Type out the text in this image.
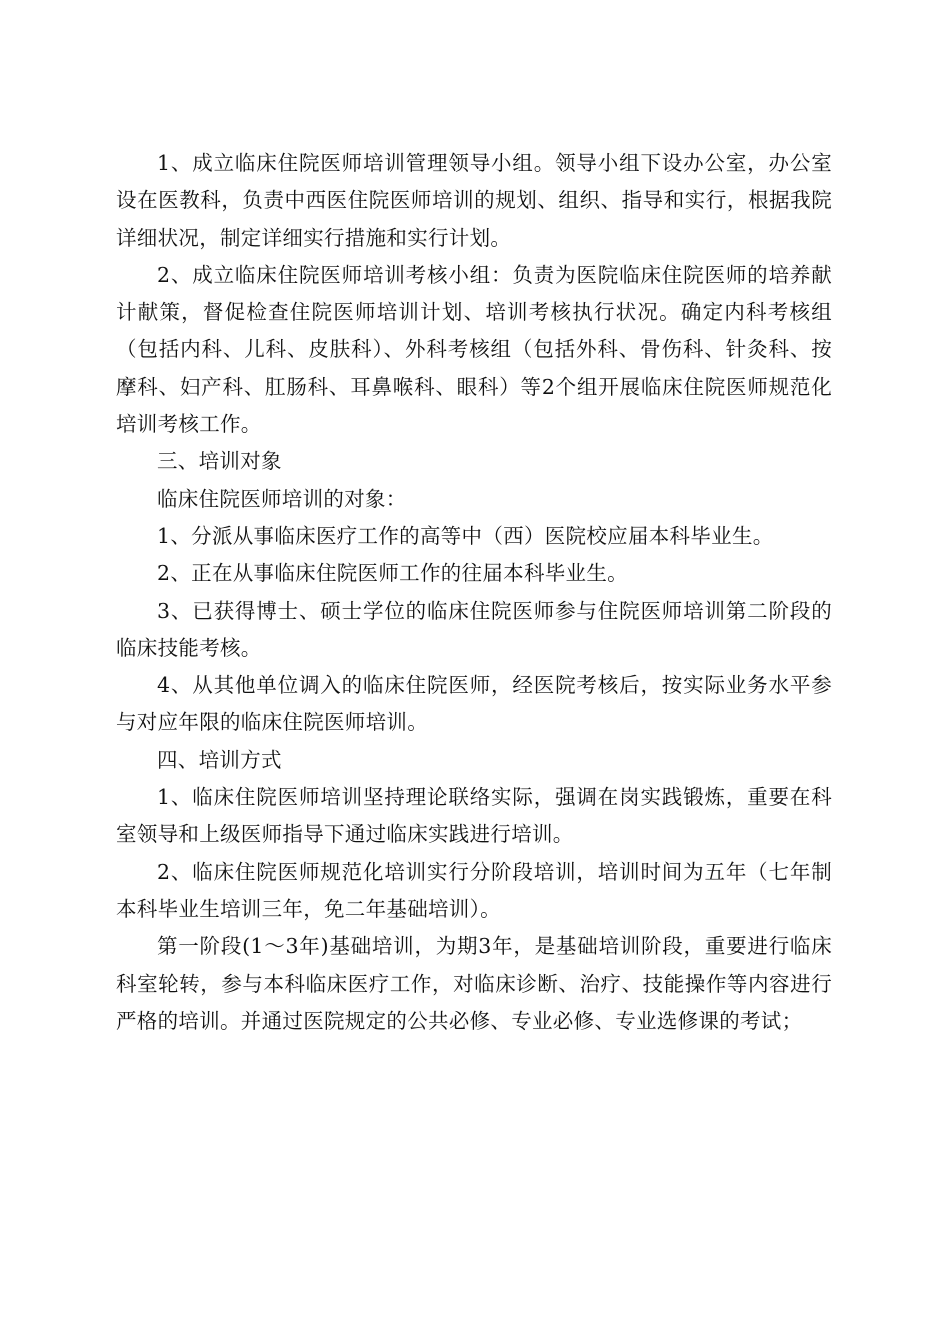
1、成立临床住院医师培训管理领导小组。领导小组下设办公室，办公室设在医教科，负责中西医住院医师培训的规划、组织、指导和实行，根据我院详细状况，制定详细实行措施和实行计划。

2、成立临床住院医师培训考核小组：负责为医院临床住院医师的培养献计献策，督促检查住院医师培训计划、培训考核执行状况。确定内科考核组（包括内科、儿科、皮肤科）、外科考核组（包括外科、骨伤科、针灸科、按摩科、妇产科、肛肠科、耳鼻喉科、眼科）等2个组开展临床住院医师规范化培训考核工作。

三、培训对象

临床住院医师培训的对象：

1、分派从事临床医疗工作的高等中（西）医院校应届本科毕业生。

2、正在从事临床住院医师工作的往届本科毕业生。

3、已获得博士、硕士学位的临床住院医师参与住院医师培训第二阶段的临床技能考核。

4、从其他单位调入的临床住院医师，经医院考核后，按实际业务水平参与对应年限的临床住院医师培训。

四、培训方式

1、临床住院医师培训坚持理论联络实际，强调在岗实践锻炼，重要在科室领导和上级医师指导下通过临床实践进行培训。

2、临床住院医师规范化培训实行分阶段培训，培训时间为五年（七年制本科毕业生培训三年，免二年基础培训）。

第一阶段(1～3年)基础培训，为期3年，是基础培训阶段，重要进行临床科室轮转，参与本科临床医疗工作，对临床诊断、治疗、技能操作等内容进行严格的培训。并通过医院规定的公共必修、专业必修、专业选修课的考试；
